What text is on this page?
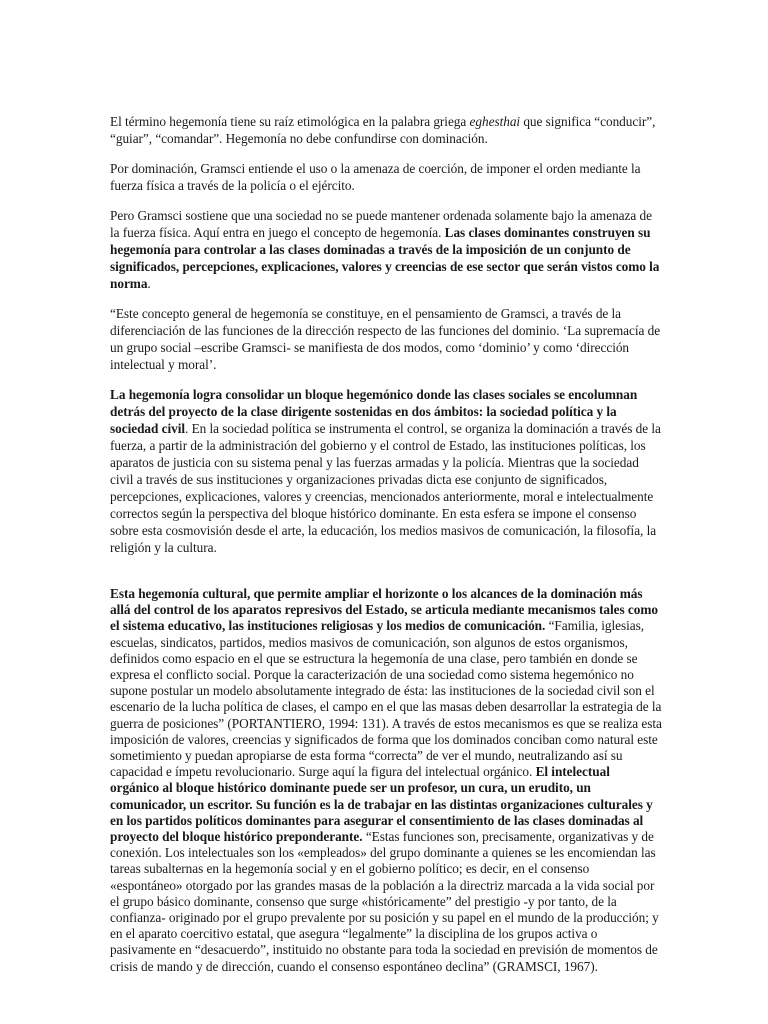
El término hegemonía tiene su raíz etimológica en la palabra griega eghesthai que significa “conducir”, “guiar”, “comandar”. Hegemonía no debe confundirse con dominación.

Por dominación, Gramsci entiende el uso o la amenaza de coerción, de imponer el orden mediante la fuerza física a través de la policía o el ejército.

Pero Gramsci sostiene que una sociedad no se puede mantener ordenada solamente bajo la amenaza de la fuerza física. Aquí entra en juego el concepto de hegemonía. Las clases dominantes construyen su hegemonía para controlar a las clases dominadas a través de la imposición de un conjunto de significados, percepciones, explicaciones, valores y creencias de ese sector que serán vistos como la norma.

“Este concepto general de hegemonía se constituye, en el pensamiento de Gramsci, a través de la diferenciación de las funciones de la dirección respecto de las funciones del dominio. ‘La supremacía de un grupo social –escribe Gramsci- se manifiesta de dos modos, como ‘dominio’ y como ‘dirección intelectual y moral’.

La hegemonía logra consolidar un bloque hegemónico donde las clases sociales se encolumnan detrás del proyecto de la clase dirigente sostenidas en dos ámbitos: la sociedad política y la sociedad civil. En la sociedad política se instrumenta el control, se organiza la dominación a través de la fuerza, a partir de la administración del gobierno y el control de Estado, las instituciones políticas, los aparatos de justicia con su sistema penal y las fuerzas armadas y la policía. Mientras que la sociedad civil a través de sus instituciones y organizaciones privadas dicta ese conjunto de significados, percepciones, explicaciones, valores y creencias, mencionados anteriormente, moral e intelectualmente correctos según la perspectiva del bloque histórico dominante. En esta esfera se impone el consenso sobre esta cosmovisión desde el arte, la educación, los medios masivos de comunicación, la filosofía, la religión y la cultura.

Esta hegemonía cultural, que permite ampliar el horizonte o los alcances de la dominación más allá del control de los aparatos represivos del Estado, se articula mediante mecanismos tales como el sistema educativo, las instituciones religiosas y los medios de comunicación. “Familia, iglesias, escuelas, sindicatos, partidos, medios masivos de comunicación, son algunos de estos organismos, definidos como espacio en el que se estructura la hegemonía de una clase, pero también en donde se expresa el conflicto social. Porque la caracterización de una sociedad como sistema hegemónico no supone postular un modelo absolutamente integrado de ésta: las instituciones de la sociedad civil son el escenario de la lucha política de clases, el campo en el que las masas deben desarrollar la estrategia de la guerra de posiciones” (PORTANTIERO, 1994: 131). A través de estos mecanismos es que se realiza esta imposición de valores, creencias y significados de forma que los dominados conciban como natural este sometimiento y puedan apropiarse de esta forma “correcta” de ver el mundo, neutralizando así su capacidad e ímpetu revolucionario. Surge aquí la figura del intelectual orgánico. El intelectual orgánico al bloque histórico dominante puede ser un profesor, un cura, un erudito, un comunicador, un escritor. Su función es la de trabajar en las distintas organizaciones culturales y en los partidos políticos dominantes para asegurar el consentimiento de las clases dominadas al proyecto del bloque histórico preponderante. “Estas funciones son, precisamente, organizativas y de conexión. Los intelectuales son los «empleados» del grupo dominante a quienes se les encomiendan las tareas subalternas en la hegemonía social y en el gobierno político; es decir, en el consenso «espontáneo» otorgado por las grandes masas de la población a la directriz marcada a la vida social por el grupo básico dominante, consenso que surge «históricamente” del prestigio -y por tanto, de la confianza- originado por el grupo prevalente por su posición y su papel en el mundo de la producción; y en el aparato coercitivo estatal, que asegura “legalmente” la disciplina de los grupos activa o pasivamente en “desacuerdo”, instituido no obstante para toda la sociedad en previsión de momentos de crisis de mando y de dirección, cuando el consenso espontáneo declina” (GRAMSCI, 1967).
